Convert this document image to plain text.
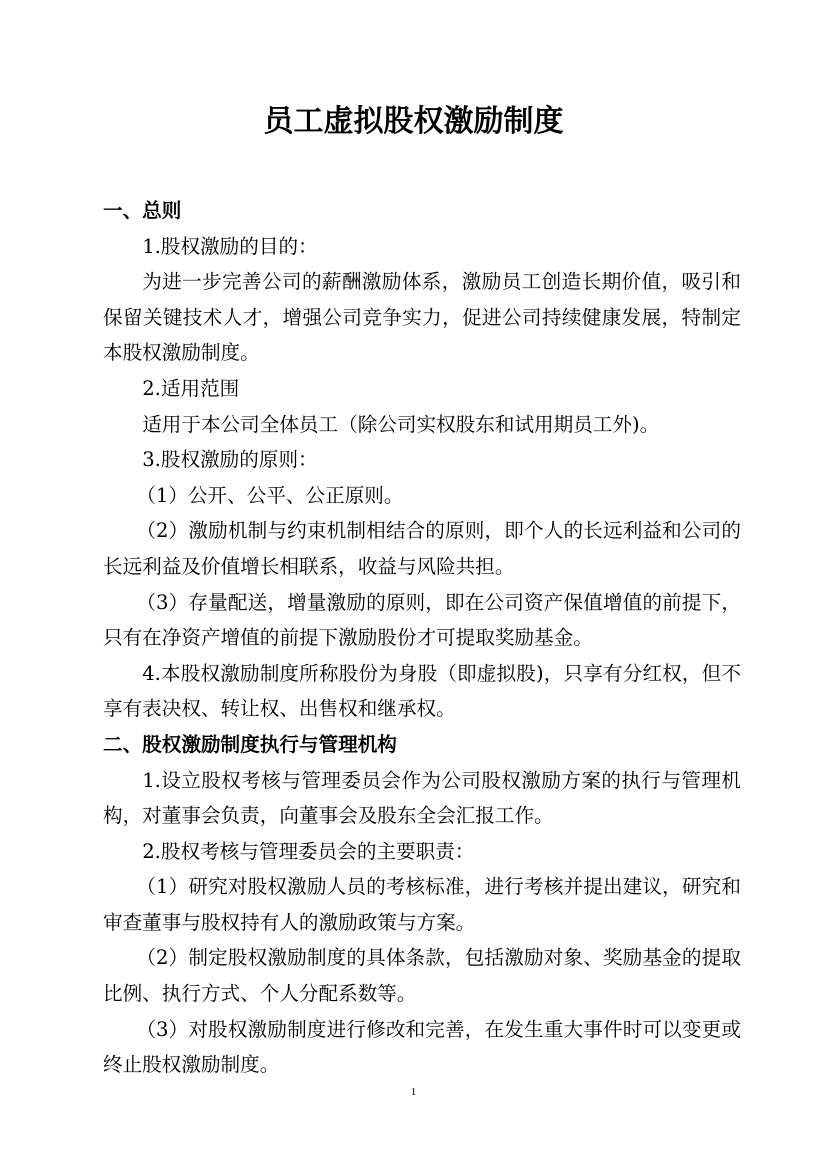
员工虚拟股权激励制度

一、总则

1.股权激励的目的：

为进一步完善公司的薪酬激励体系，激励员工创造长期价值，吸引和保留关键技术人才，增强公司竞争实力，促进公司持续健康发展，特制定本股权激励制度。

2.适用范围

适用于本公司全体员工（除公司实权股东和试用期员工外)。

3.股权激励的原则：

（1）公开、公平、公正原则。

（2）激励机制与约束机制相结合的原则，即个人的长远利益和公司的长远利益及价值增长相联系，收益与风险共担。

（3）存量配送，增量激励的原则，即在公司资产保值增值的前提下，只有在净资产增值的前提下激励股份才可提取奖励基金。

4.本股权激励制度所称股份为身股（即虚拟股)，只享有分红权，但不享有表决权、转让权、出售权和继承权。

二、股权激励制度执行与管理机构

1.设立股权考核与管理委员会作为公司股权激励方案的执行与管理机构，对董事会负责，向董事会及股东全会汇报工作。

2.股权考核与管理委员会的主要职责：

（1）研究对股权激励人员的考核标准，进行考核并提出建议，研究和审查董事与股权持有人的激励政策与方案。

（2）制定股权激励制度的具体条款，包括激励对象、奖励基金的提取比例、执行方式、个人分配系数等。

（3）对股权激励制度进行修改和完善，在发生重大事件时可以变更或终止股权激励制度。

1
